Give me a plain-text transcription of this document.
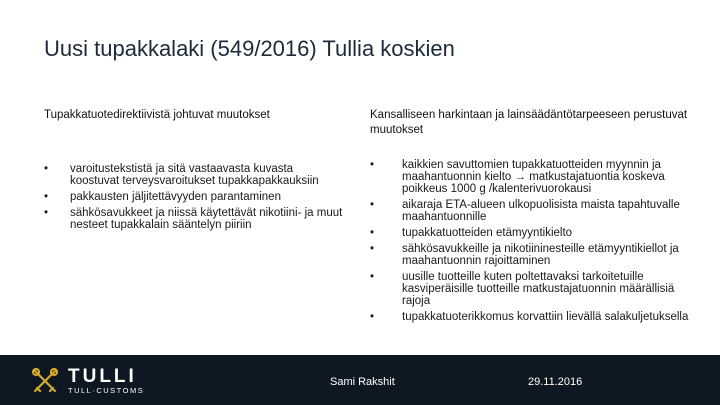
Uusi tupakkalaki (549/2016) Tullia koskien
Tupakkatuotedirektiivistä johtuvat muutokset
• varoitustekstistä ja sitä vastaavasta kuvasta koostuvat terveysvaroitukset tupakkapakkauksiin
• pakkausten jäljitettävyyden parantaminen
• sähkösavukkeet ja niissä käytettävät nikotiini- ja muut nesteet tupakkalain sääntelyn piiriin
Kansalliseen harkintaan ja lainsäädäntötarpeeseen perustuvat muutokset
• kaikkien savuttomien tupakkatuotteiden myynnin ja maahantuonnin kielto → matkustajatuontia koskeva poikkeus 1000 g /kalenterivuorokausi
• aikaraja ETA-alueen ulkopuolisista maista tapahtuvalle maahantuonnille
• tupakkatuotteiden etämyyntikielto
• sähkösavukkeille ja nikotiininesteille etämyyntikiellot ja maahantuonnin rajoittaminen
• uusille tuotteille kuten poltettavaksi tarkoitetuille kasviperäisille tuotteille matkustajatuonnin määrällisiä rajoja
• tupakkatuoterikkomus korvattiin lievällä salakuljetuksella
TULLI
TULL·CUSTOMS
Sami Rakshit	29.11.2016
